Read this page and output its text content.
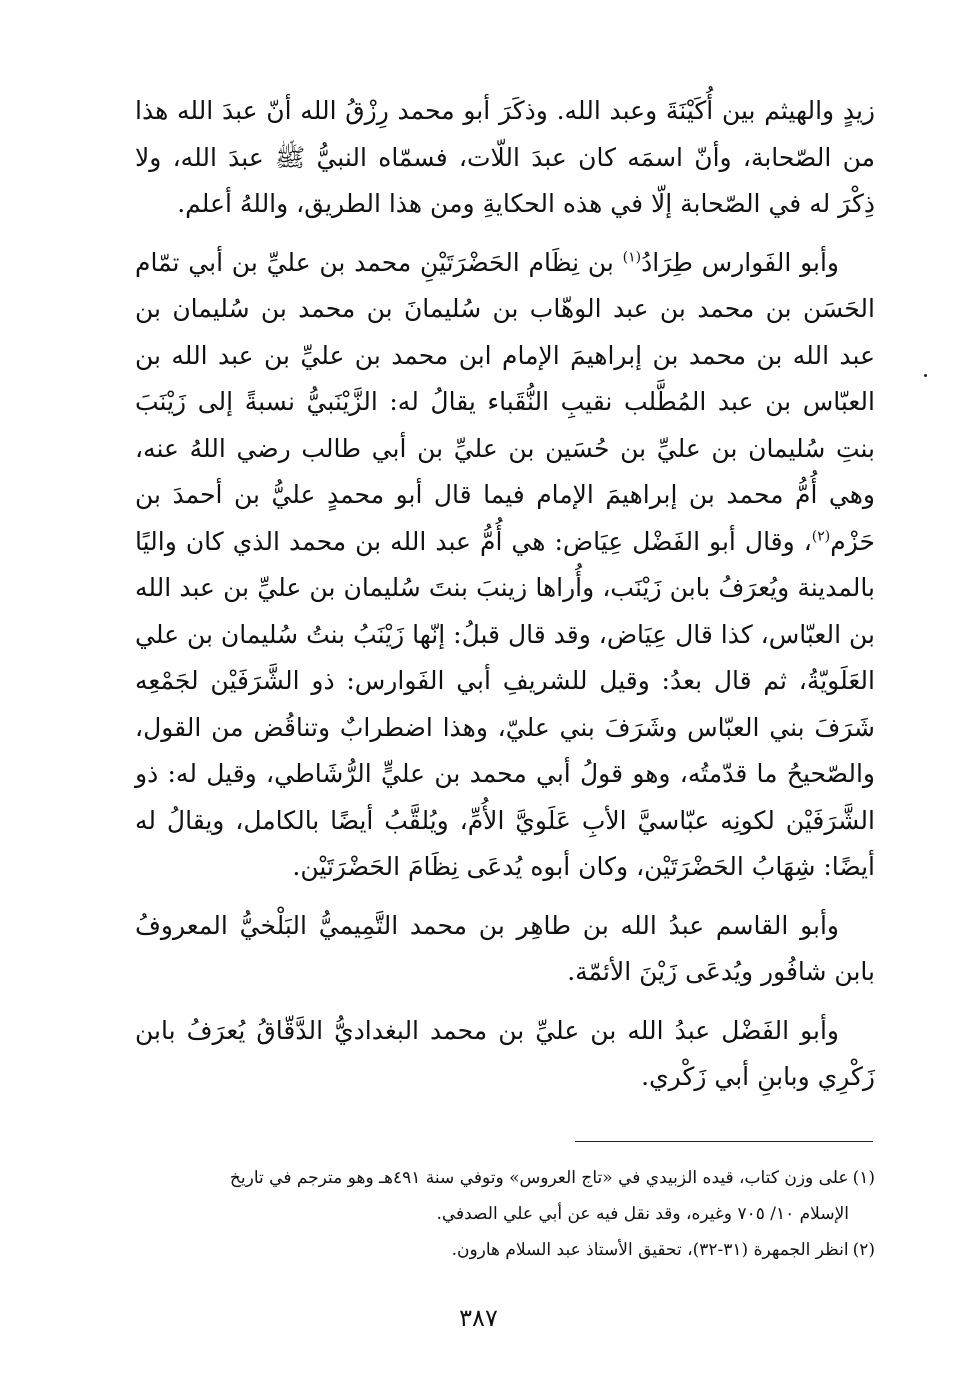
زيدٍ والهيثم بين أُكَيْنَةَ وعبد الله. وذكَرَ أبو محمد رِزْقُ الله أنّ عبدَ الله هذا من الصّحابة، وأنّ اسمَه كان عبدَ اللّات، فسمّاه النبيُّ ﷺ عبدَ الله، ولا ذِكْرَ له في الصّحابة إلّا في هذه الحكايةِ ومن هذا الطريق، واللهُ أعلم.

وأبو الفَوارس طِرَادُ$^{(١)}$ بن نِظَام الحَضْرَتَيْنِ محمد بن عليِّ بن أبي تمّام الحَسَن بن محمد بن عبد الوهّاب بن سُليمانَ بن محمد بن سُليمان بن عبد الله بن محمد بن إبراهيمَ الإمام ابن محمد بن عليِّ بن عبد الله بن العبّاس بن عبد المُطَّلب نقيبِ النُّقَباء يقالُ له: الزَّيْنَبيُّ نسبةً إلى زَيْنَبَ بنتِ سُليمان بن عليِّ بن حُسَين بن عليِّ بن أبي طالب رضي اللهُ عنه، وهي أُمُّ محمد بن إبراهيمَ الإمام فيما قال أبو محمدٍ عليُّ بن أحمدَ بن حَزْم$^{(٢)}$، وقال أبو الفَضْل عِيَاض: هي أُمُّ عبد الله بن محمد الذي كان واليًا بالمدينة ويُعرَفُ بابن زَيْنَب، وأُراها زينبَ بنتَ سُليمان بن عليِّ بن عبد الله بن العبّاس، كذا قال عِيَاض، وقد قال قبلُ: إنّها زَيْنَبُ بنتُ سُليمان بن علي العَلَويّةُ، ثم قال بعدُ: وقيل للشريفِ أبي الفَوارس: ذو الشَّرَفَيْن لجَمْعِه شَرَفَ بني العبّاس وشَرَفَ بني عليّ، وهذا اضطرابٌ وتناقُض من القول، والصّحيحُ ما قدّمتُه، وهو قولُ أبي محمد بن عليٍّ الرُّشَاطي، وقيل له: ذو الشَّرَفَيْن لكونِه عبّاسيَّ الأبِ عَلَويَّ الأُمِّ، ويُلقَّبُ أيضًا بالكامل، ويقالُ له أيضًا: شِهَابُ الحَضْرَتَيْن، وكان أبوه يُدعَى نِظَامَ الحَضْرَتَيْن.

وأبو القاسم عبدُ الله بن طاهِر بن محمد التَّمِيميُّ البَلْخيُّ المعروفُ بابن شافُور ويُدعَى زَيْنَ الأئمّة.

وأبو الفَضْل عبدُ الله بن عليِّ بن محمد البغداديُّ الدَّقّاقُ يُعرَفُ بابن زَكْرِي وبابنِ أبي زَكْري.

(١)على وزن كتاب، قيده الزبيدي في «تاج العروس» وتوفي سنة ٤٩١هـ وهو مترجم في تاريخ
الإسلام ١٠/ ٧٠٥ وغيره، وقد نقل فيه عن أبي علي الصدفي.

(٢)انظر الجمهرة (٣١-٣٢)، تحقيق الأستاذ عبد السلام هارون.

٣٨٧
